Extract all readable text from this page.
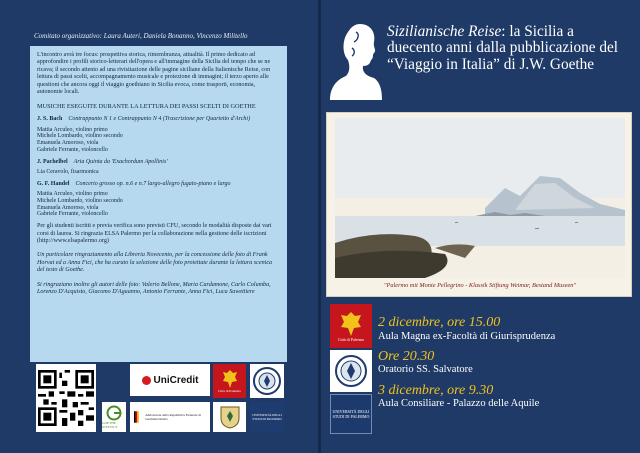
Comitato organizzativo: Laura Auteri, Daniela Bonanno, Vincenzo Militello

L'incontro avrà tre focus: prospettiva storica, rimembranza, attualità. Il primo dedicato ad approfondire i profili storico-letterari dell'opera e all'immagine della Sicilia del tempo che se ne ricava; il secondo attento ad una rivisitazione delle pagine siciliane della Italienische Reise, con lettura di passi scelti, accompagnamento musicale e proiezione di immagini; il terzo aperto alle questioni che ancora oggi il viaggio goethiano in Sicilia evoca, come trasporti, economia, autonomie locali.

MUSICHE ESEGUITE DURANTE LA LETTURA DEI PASSI SCELTI DI GOETHE

J. S. Bach Contrappunto N 1 e Contrappunto N 4 (Trascrizione per Quartetto d'Archi)
Mattia Arculeo, violino primo
Michele Lombardo, violino secondo
Emanuela Amoroso, viola
Gabriele Ferrante, violoncello
J. Pachelbel Aria Quinta da 'Exachordum Apollinis'
Lia Ceravolo, fisarmonica
G. F. Handel Concerto grosso op. n.6 e n.7 largo-allegro fugato-piano e largo
Mattia Arculeo, violino primo
Michele Lombardo, violino secondo
Emanuela Amoroso, viola
Gabriele Ferrante, violoncello

Per gli studenti iscritti e previa verifica sono previsti CFU, secondo le modalità disposte dai vari corsi di laurea. Si ringrazia ELSA Palermo per la collaborazione nella gestione delle iscrizioni (http://www.elsapalermo.org)

Un particolare ringraziamento alla Libreria Novecento, per la concessione delle foto di Frank Horvat ed a Anna Fici, che ha curato la selezione delle foto proiettate durante la lettura scenica del testo di Goethe.

Si ringraziano inoltre gli autori delle foto: Valerio Bellone, Maria Cardamone, Carlo Columba, Lorenzo D'Acquisto, Giacomo D'Aguanno, Antonio Ferrante, Anna Fici, Luca Sawettiere

UniCredit
Città di Palermo
GOETHE INSTITUT
Ambasciata della Repubblica Federale di Germania Roma
UNIVERSITÀ DEGLI STUDI DI PALERMO
Sizilianische Reise: la Sicilia a duecento anni dalla pubblicazione del “Viaggio in Italia” di J.W. Goethe
"Palermo mit Monte Pellegrino - Klassik Stiftung Weimar, Bestand Museen"
Città di Palermo
UNIVERSITÀ DEGLI STUDI DI PALERMO
2 dicembre, ore 15.00
Aula Magna ex-Facoltà di Giurisprudenza
Ore 20.30
Oratorio SS. Salvatore
3 dicembre, ore 9.30
Aula Consiliare - Palazzo delle Aquile
